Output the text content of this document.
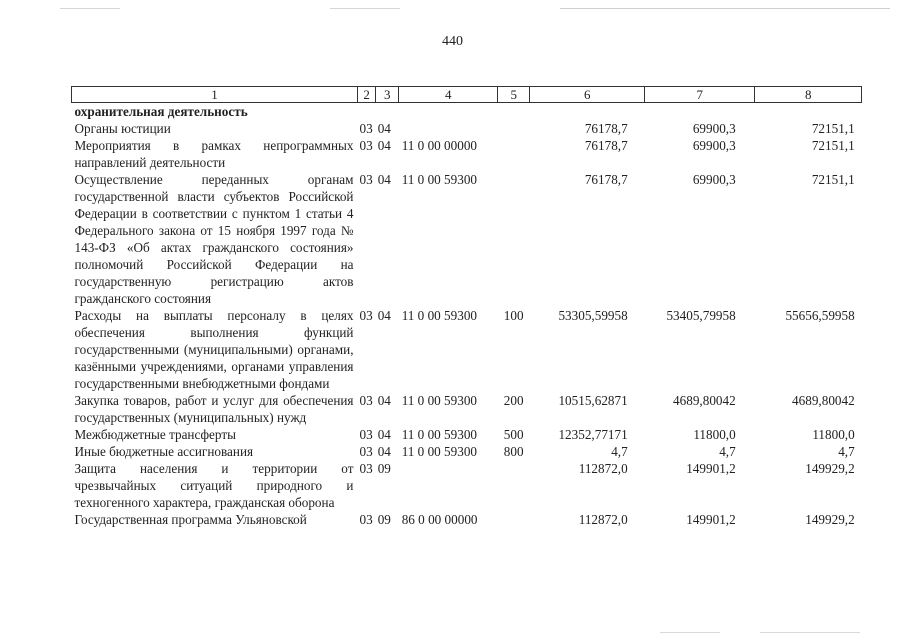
440
1	2	3	4	5	6	7	8
охранительная деятельность							
Органы юстиции	03	04			76178,7	69900,3	72151,1
Мероприятия в рамках непрограммных направлений деятельности	03	04	11 0 00 00000		76178,7	69900,3	72151,1
Осуществление переданных органам государственной власти субъектов Российской Федерации в соответствии с пунктом 1 статьи 4 Федерального закона от 15 ноября 1997 года № 143-ФЗ «Об актах гражданского состояния» полномочий Российской Федерации на государственную регистрацию актов гражданского состояния	03	04	11 0 00 59300		76178,7	69900,3	72151,1
Расходы на выплаты персоналу в целях обеспечения выполнения функций государственными (муниципальными) органами, казёнными учреждениями, органами управления государственными внебюджетными фондами	03	04	11 0 00 59300	100	53305,59958	53405,79958	55656,59958
Закупка товаров, работ и услуг для обеспечения государственных (муниципальных) нужд	03	04	11 0 00 59300	200	10515,62871	4689,80042	4689,80042
Межбюджетные трансферты	03	04	11 0 00 59300	500	12352,77171	11800,0	11800,0
Иные бюджетные ассигнования	03	04	11 0 00 59300	800	4,7	4,7	4,7
Защита населения и территории от чрезвычайных ситуаций природного и техногенного характера, гражданская оборона	03	09			112872,0	149901,2	149929,2
Государственная программа Ульяновской	03	09	86 0 00 00000		112872,0	149901,2	149929,2
